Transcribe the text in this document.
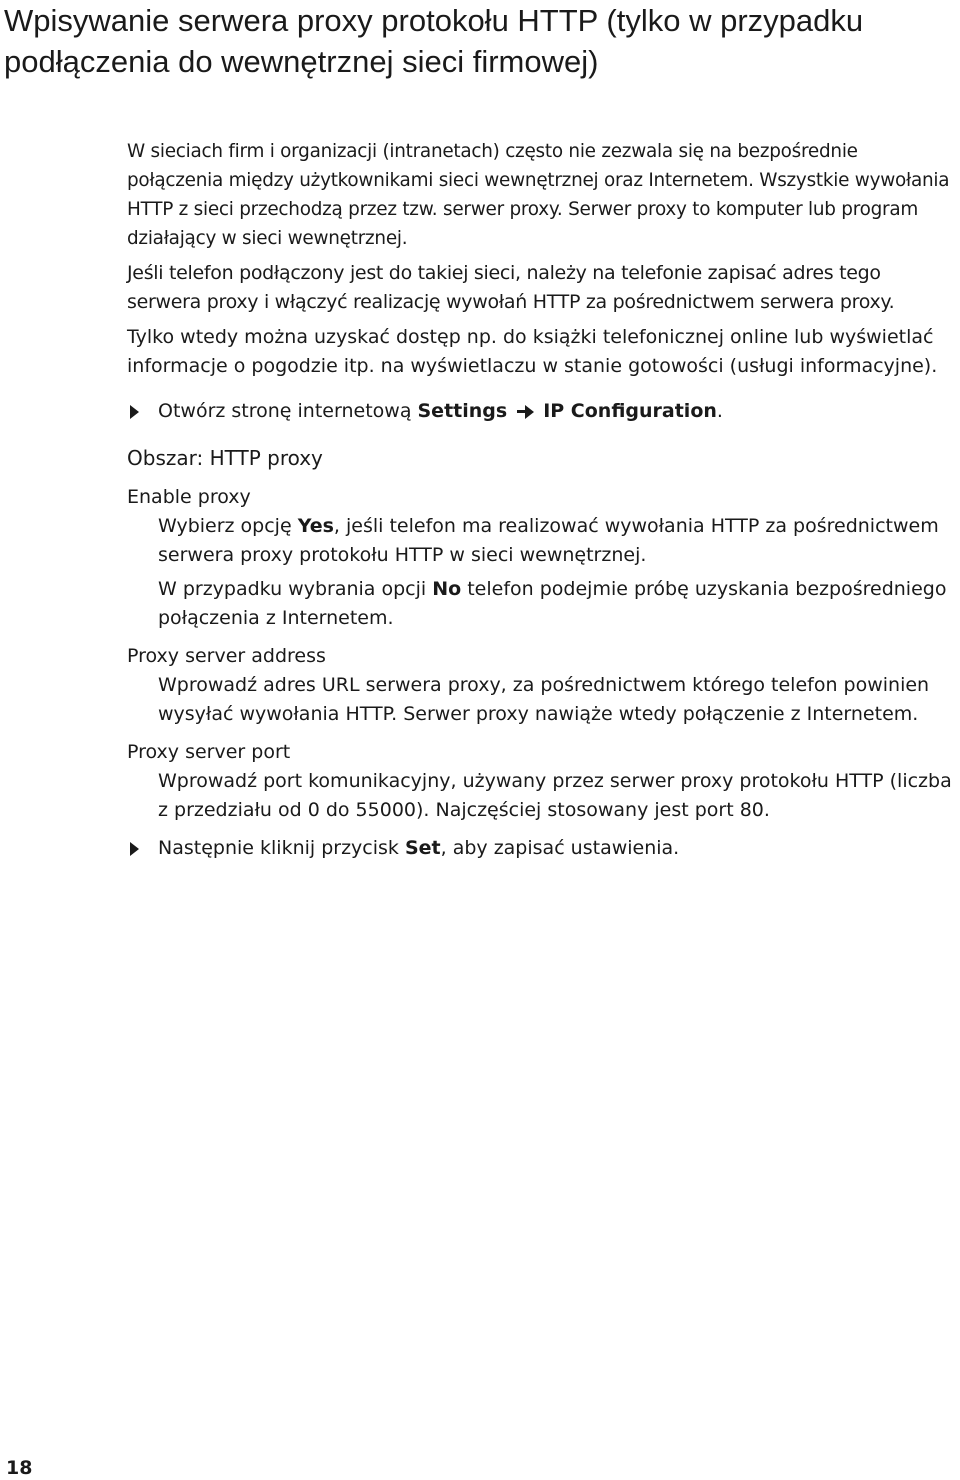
Wpisywanie serwera proxy protokołu HTTP (tylko w przypadku podłączenia do wewnętrznej sieci firmowej)

W sieciach firm i organizacji (intranetach) często nie zezwala się na bezpośrednie połączenia między użytkownikami sieci wewnętrznej oraz Internetem. Wszystkie wywołania HTTP z sieci przechodzą przez tzw. serwer proxy. Serwer proxy to komputer lub program działający w sieci wewnętrznej.

Jeśli telefon podłączony jest do takiej sieci, należy na telefonie zapisać adres tego serwera proxy i włączyć realizację wywołań HTTP za pośrednictwem serwera proxy.

Tylko wtedy można uzyskać dostęp np. do książki telefonicznej online lub wyświetlać informacje o pogodzie itp. na wyświetlaczu w stanie gotowości (usługi informacyjne).

Otwórz stronę internetową Settings IP Configuration.

Obszar: HTTP proxy

Enable proxy

Wybierz opcję Yes, jeśli telefon ma realizować wywołania HTTP za pośrednictwem serwera proxy protokołu HTTP w sieci wewnętrznej.

W przypadku wybrania opcji No telefon podejmie próbę uzyskania bezpośredniego połączenia z Internetem.

Proxy server address

Wprowadź adres URL serwera proxy, za pośrednictwem którego telefon powinien wysyłać wywołania HTTP. Serwer proxy nawiąże wtedy połączenie z Internetem.

Proxy server port

Wprowadź port komunikacyjny, używany przez serwer proxy protokołu HTTP (liczba z przedziału od 0 do 55000). Najczęściej stosowany jest port 80.

Następnie kliknij przycisk Set, aby zapisać ustawienia.

18
